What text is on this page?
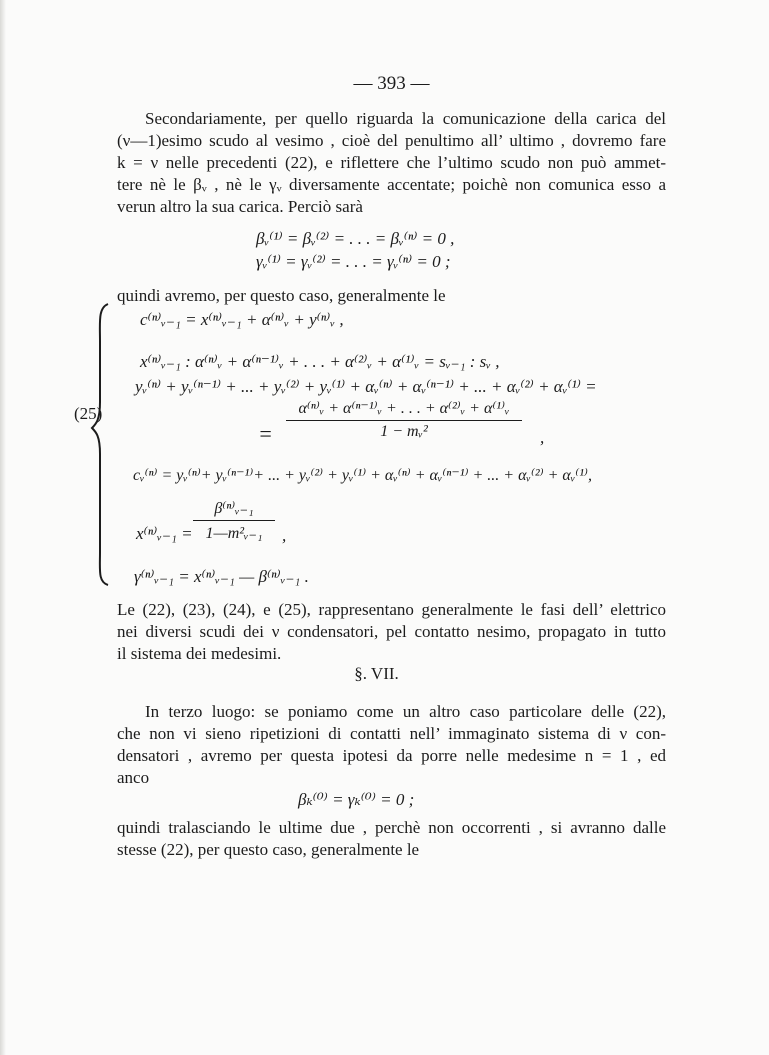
— 393 —
Secondariamente, per quello riguarda la comunicazione della carica del
(ν—1)esimo scudo al νesimo , cioè del penultimo all’ ultimo , dovremo fare
k = ν nelle precedenti (22), e riflettere che l’ultimo scudo non può ammet-
tere nè le βᵥ , nè le γᵥ diversamente accentate; poichè non comunica esso a
verun altro la sua carica. Perciò sarà
βᵥ⁽¹⁾ = βᵥ⁽²⁾ = . . . = βᵥ⁽ⁿ⁾ = 0 ,
γᵥ⁽¹⁾ = γᵥ⁽²⁾ = . . . = γᵥ⁽ⁿ⁾ = 0 ;
quindi avremo, per questo caso, generalmente le
(25)
c⁽ⁿ⁾ᵥ₋₁ = x⁽ⁿ⁾ᵥ₋₁ + α⁽ⁿ⁾ᵥ + y⁽ⁿ⁾ᵥ ,
x⁽ⁿ⁾ᵥ₋₁ : α⁽ⁿ⁾ᵥ + α⁽ⁿ⁻¹⁾ᵥ + . . . + α⁽²⁾ᵥ + α⁽¹⁾ᵥ = sᵥ₋₁ : sᵥ ,
yᵥ⁽ⁿ⁾ + yᵥ⁽ⁿ⁻¹⁾ + ... + yᵥ⁽²⁾ + yᵥ⁽¹⁾ + αᵥ⁽ⁿ⁾ + αᵥ⁽ⁿ⁻¹⁾ + ... + αᵥ⁽²⁾ + αᵥ⁽¹⁾ =
= $\frac{\text{α⁽ⁿ⁾ᵥ + α⁽ⁿ⁻¹⁾ᵥ + . . . + α⁽²⁾ᵥ + α⁽¹⁾ᵥ}}{\text{1 − mᵥ²}}$ ,
cᵥ⁽ⁿ⁾ = yᵥ⁽ⁿ⁾+ yᵥ⁽ⁿ⁻¹⁾+ ... + yᵥ⁽²⁾ + yᵥ⁽¹⁾ + αᵥ⁽ⁿ⁾ + αᵥ⁽ⁿ⁻¹⁾ + ... + αᵥ⁽²⁾ + αᵥ⁽¹⁾,
x⁽ⁿ⁾ᵥ₋₁ = $\frac{\text{β⁽ⁿ⁾ᵥ₋₁}}{\text{1—m²ᵥ₋₁}}$ ,
γ⁽ⁿ⁾ᵥ₋₁ = x⁽ⁿ⁾ᵥ₋₁ — β⁽ⁿ⁾ᵥ₋₁ .
Le (22), (23), (24), e (25), rappresentano generalmente le fasi dell’ elettrico
nei diversi scudi dei ν condensatori, pel contatto nesimo, propagato in tutto
il sistema dei medesimi.
§. VII.
In terzo luogo: se poniamo come un altro caso particolare delle (22),
che non vi sieno ripetizioni di contatti nell’ immaginato sistema di ν con-
densatori , avremo per questa ipotesi da porre nelle medesime n = 1 , ed
anco
βₖ⁽⁰⁾ = γₖ⁽⁰⁾ = 0 ;
quindi tralasciando le ultime due , perchè non occorrenti , si avranno dalle
stesse (22), per questo caso, generalmente le
